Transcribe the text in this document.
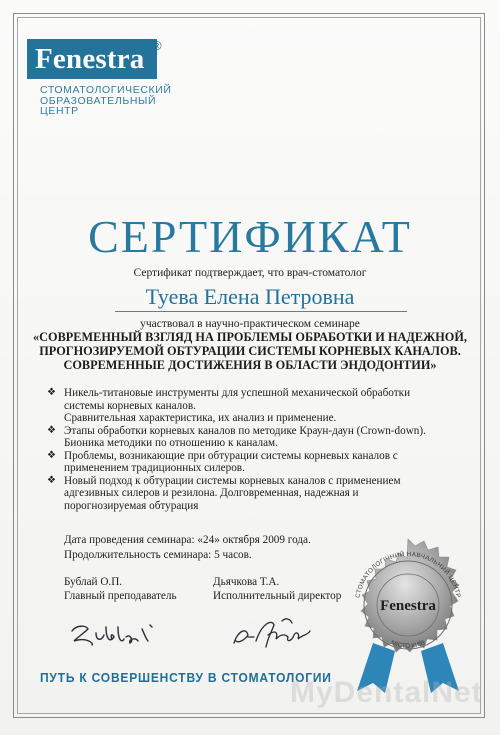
Fenestra ®
СТОМАТОЛОГИЧЕСКИЙ
ОБРАЗОВАТЕЛЬНЫЙ
ЦЕНТР
СЕРТИФИКАТ
Сертификат подтверждает, что врач-стоматолог
Туева Елена Петровна
участвовал в научно-практическом семинаре
«СОВРЕМЕННЫЙ ВЗГЛЯД НА ПРОБЛЕМЫ ОБРАБОТКИ И НАДЕЖНОЙ,
ПРОГНОЗИРУЕМОЙ ОБТУРАЦИИ СИСТЕМЫ КОРНЕВЫХ КАНАЛОВ.
СОВРЕМЕННЫЕ ДОСТИЖЕНИЯ В ОБЛАСТИ ЭНДОДОНТИИ»
❖ Никель-титановые инструменты для успешной механической обработки
системы корневых каналов.
Сравнительная характеристика, их анализ и применение.
❖ Этапы обработки корневых каналов по методике Краун-даун (Crown-down).
Бионика методики по отношению к каналам.
❖ Проблемы, возникающие при обтурации системы корневых каналов с
применением традиционных силеров.
❖ Новый подход к обтурации системы корневых каналов с применением
адгезивных силеров и резилона. Долговременная, надежная и
порогнозируемая обтурация
Дата проведения семинара: «24» октября 2009 года.
Продолжительность семинара: 5 часов.
Бублай О.П.
Главный преподаватель
Дьячкова Т.А.
Исполнительный директор
ПУТЬ К СОВЕРШЕНСТВУ В СТОМАТОЛОГИИ
СТОМАТОЛОГІЧНИЙ НАВЧАЛЬНИЙ ЦЕНТР
МІСТО КИЇВ
Fenestra
MyDentalNet
